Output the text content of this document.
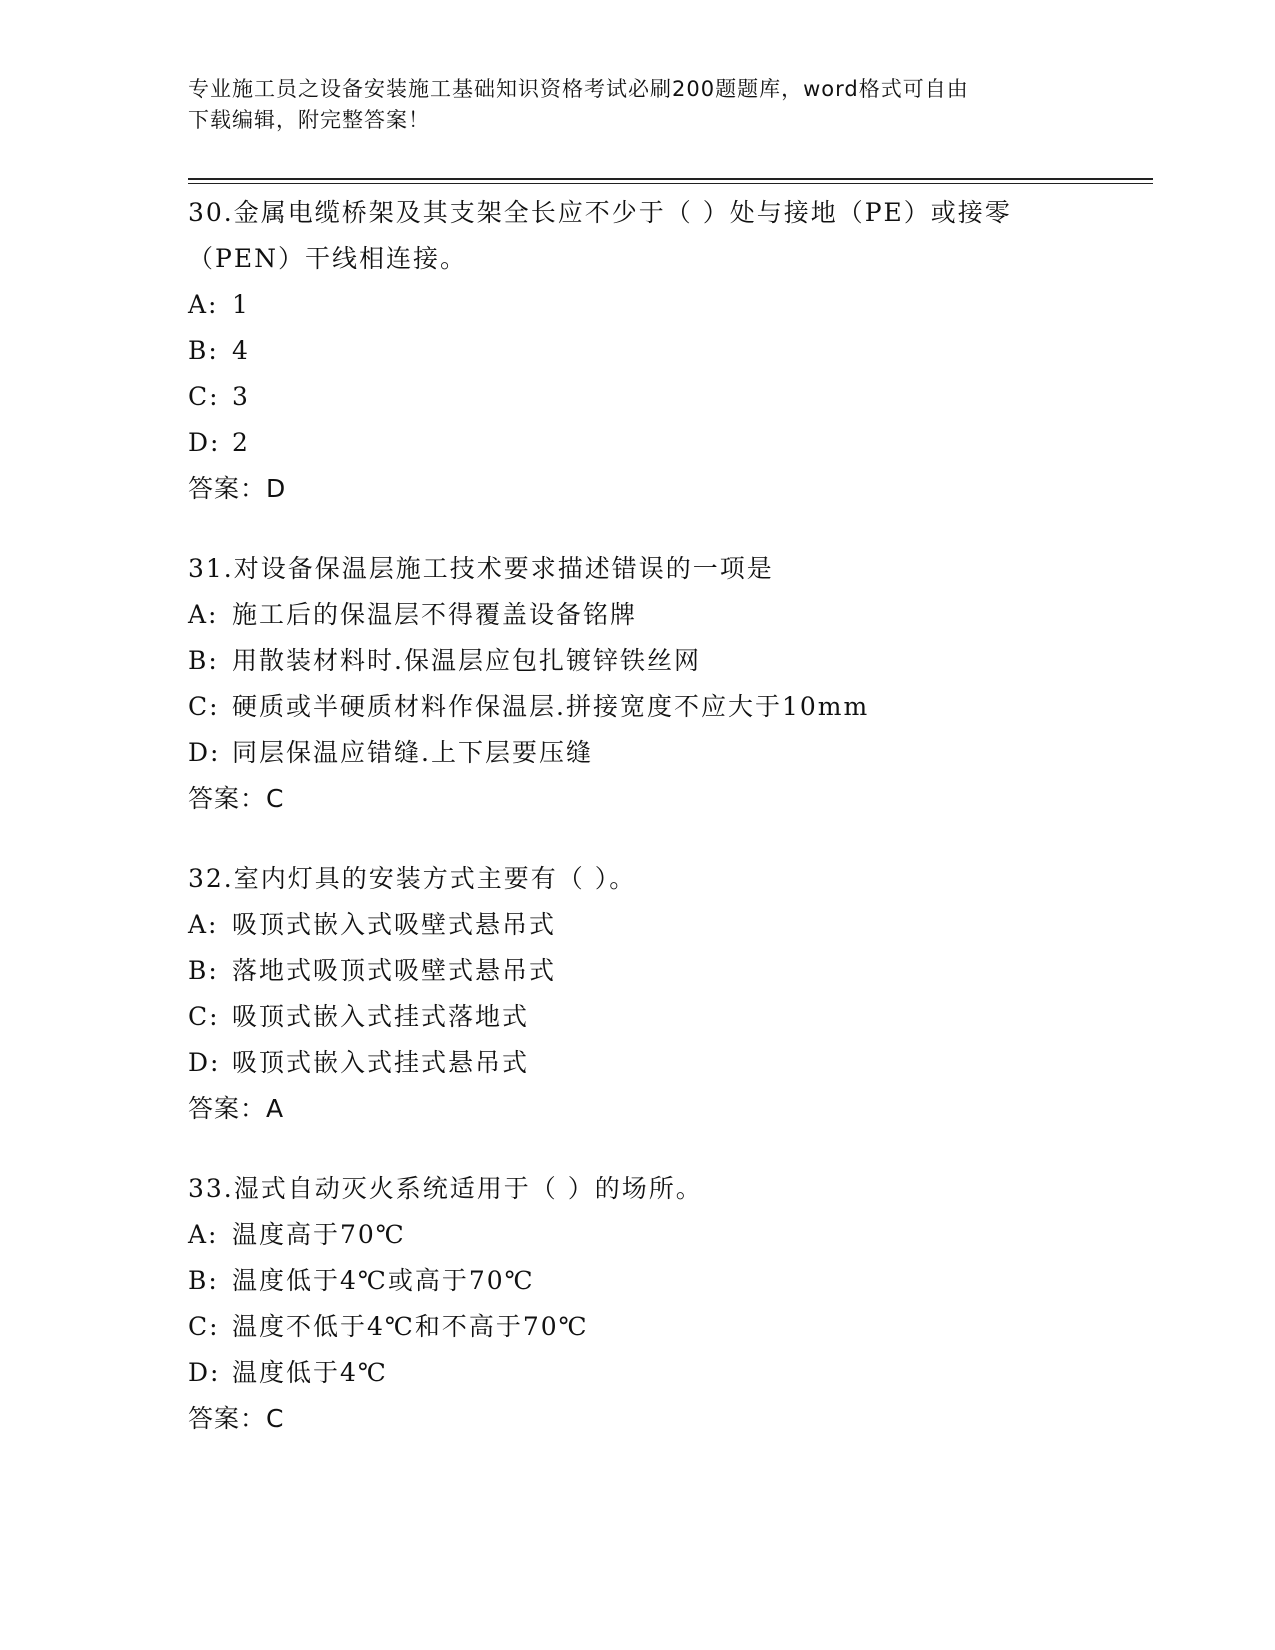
专业施工员之设备安装施工基础知识资格考试必刷200题题库，word格式可自由
下载编辑，附完整答案！
30.金属电缆桥架及其支架全长应不少于（ ）处与接地（PE）或接零
（PEN）干线相连接。
A: 1
B: 4
C: 3
D: 2
答案：D
31.对设备保温层施工技术要求描述错误的一项是
A: 施工后的保温层不得覆盖设备铭牌
B: 用散装材料时.保温层应包扎镀锌铁丝网
C: 硬质或半硬质材料作保温层.拼接宽度不应大于10mm
D: 同层保温应错缝.上下层要压缝
答案：C
32.室内灯具的安装方式主要有（ ）。
A: 吸顶式嵌入式吸壁式悬吊式
B: 落地式吸顶式吸壁式悬吊式
C: 吸顶式嵌入式挂式落地式
D: 吸顶式嵌入式挂式悬吊式
答案：A
33.湿式自动灭火系统适用于（ ）的场所。
A: 温度高于70℃
B: 温度低于4℃或高于70℃
C: 温度不低于4℃和不高于70℃
D: 温度低于4℃
答案：C
